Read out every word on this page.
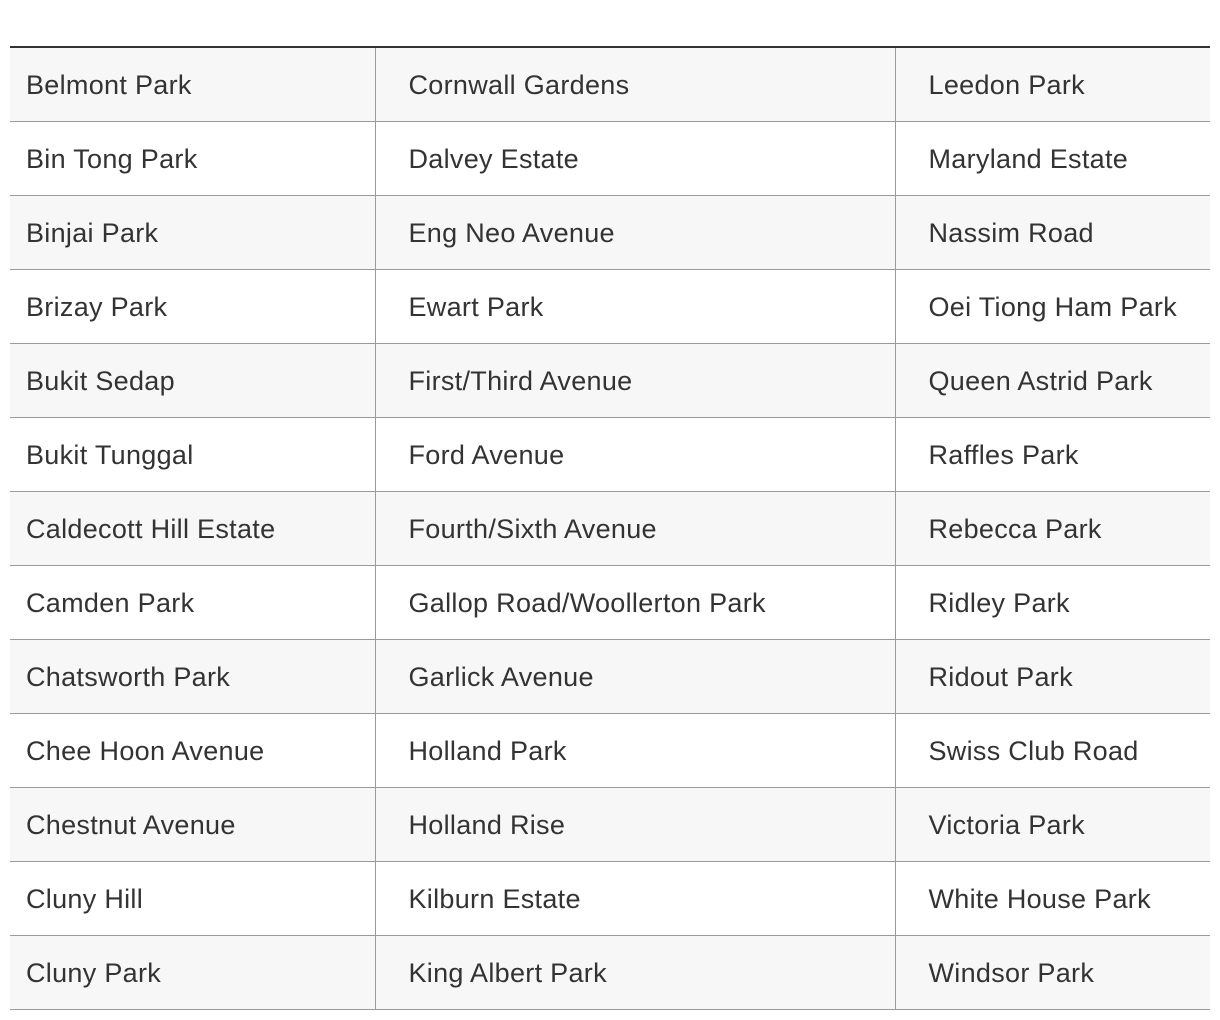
Belmont Park	Cornwall Gardens	Leedon Park
Bin Tong Park	Dalvey Estate	Maryland Estate
Binjai Park	Eng Neo Avenue	Nassim Road
Brizay Park	Ewart Park	Oei Tiong Ham Park
Bukit Sedap	First/Third Avenue	Queen Astrid Park
Bukit Tunggal	Ford Avenue	Raffles Park
Caldecott Hill Estate	Fourth/Sixth Avenue	Rebecca Park
Camden Park	Gallop Road/Woollerton Park	Ridley Park
Chatsworth Park	Garlick Avenue	Ridout Park
Chee Hoon Avenue	Holland Park	Swiss Club Road
Chestnut Avenue	Holland Rise	Victoria Park
Cluny Hill	Kilburn Estate	White House Park
Cluny Park	King Albert Park	Windsor Park
